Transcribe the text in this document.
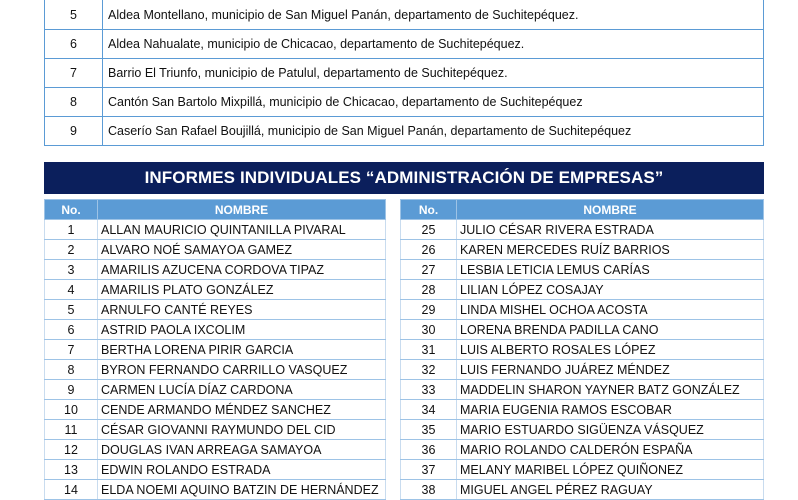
5	Aldea Montellano, municipio de San Miguel Panán, departamento de Suchitepéquez.
6	Aldea Nahualate, municipio de Chicacao, departamento de Suchitepéquez.
7	Barrio El Triunfo, municipio de Patulul, departamento de Suchitepéquez.
8	Cantón San Bartolo Mixpillá, municipio de Chicacao, departamento de Suchitepéquez
9	Caserío San Rafael Boujillá, municipio de San Miguel Panán, departamento de Suchitepéquez
INFORMES INDIVIDUALES “ADMINISTRACIÓN DE EMPRESAS”
No.	NOMBRE
1	ALLAN MAURICIO QUINTANILLA PIVARAL
2	ALVARO NOÉ SAMAYOA GAMEZ
3	AMARILIS AZUCENA CORDOVA TIPAZ
4	AMARILIS PLATO GONZÁLEZ
5	ARNULFO CANTÉ REYES
6	ASTRID PAOLA IXCOLIM
7	BERTHA LORENA PIRIR GARCIA
8	BYRON FERNANDO CARRILLO VASQUEZ
9	CARMEN LUCÍA DÍAZ CARDONA
10	CENDE ARMANDO MÉNDEZ SANCHEZ
11	CÉSAR GIOVANNI RAYMUNDO DEL CID
12	DOUGLAS IVAN ARREAGA SAMAYOA
13	EDWIN ROLANDO ESTRADA
14	ELDA NOEMI AQUINO BATZIN DE HERNÁNDEZ
No.	NOMBRE
25	JULIO CÉSAR RIVERA ESTRADA
26	KAREN MERCEDES RUÍZ BARRIOS
27	LESBIA LETICIA LEMUS CARÍAS
28	LILIAN LÓPEZ COSAJAY
29	LINDA MISHEL OCHOA ACOSTA
30	LORENA BRENDA PADILLA CANO
31	LUIS ALBERTO ROSALES LÓPEZ
32	LUIS FERNANDO JUÁREZ MÉNDEZ
33	MADDELIN SHARON YAYNER BATZ GONZÁLEZ
34	MARIA EUGENIA RAMOS ESCOBAR
35	MARIO ESTUARDO SIGÜENZA VÁSQUEZ
36	MARIO ROLANDO CALDERÓN ESPAÑA
37	MELANY MARIBEL LÓPEZ QUIÑONEZ
38	MIGUEL ANGEL PÉREZ RAGUAY
